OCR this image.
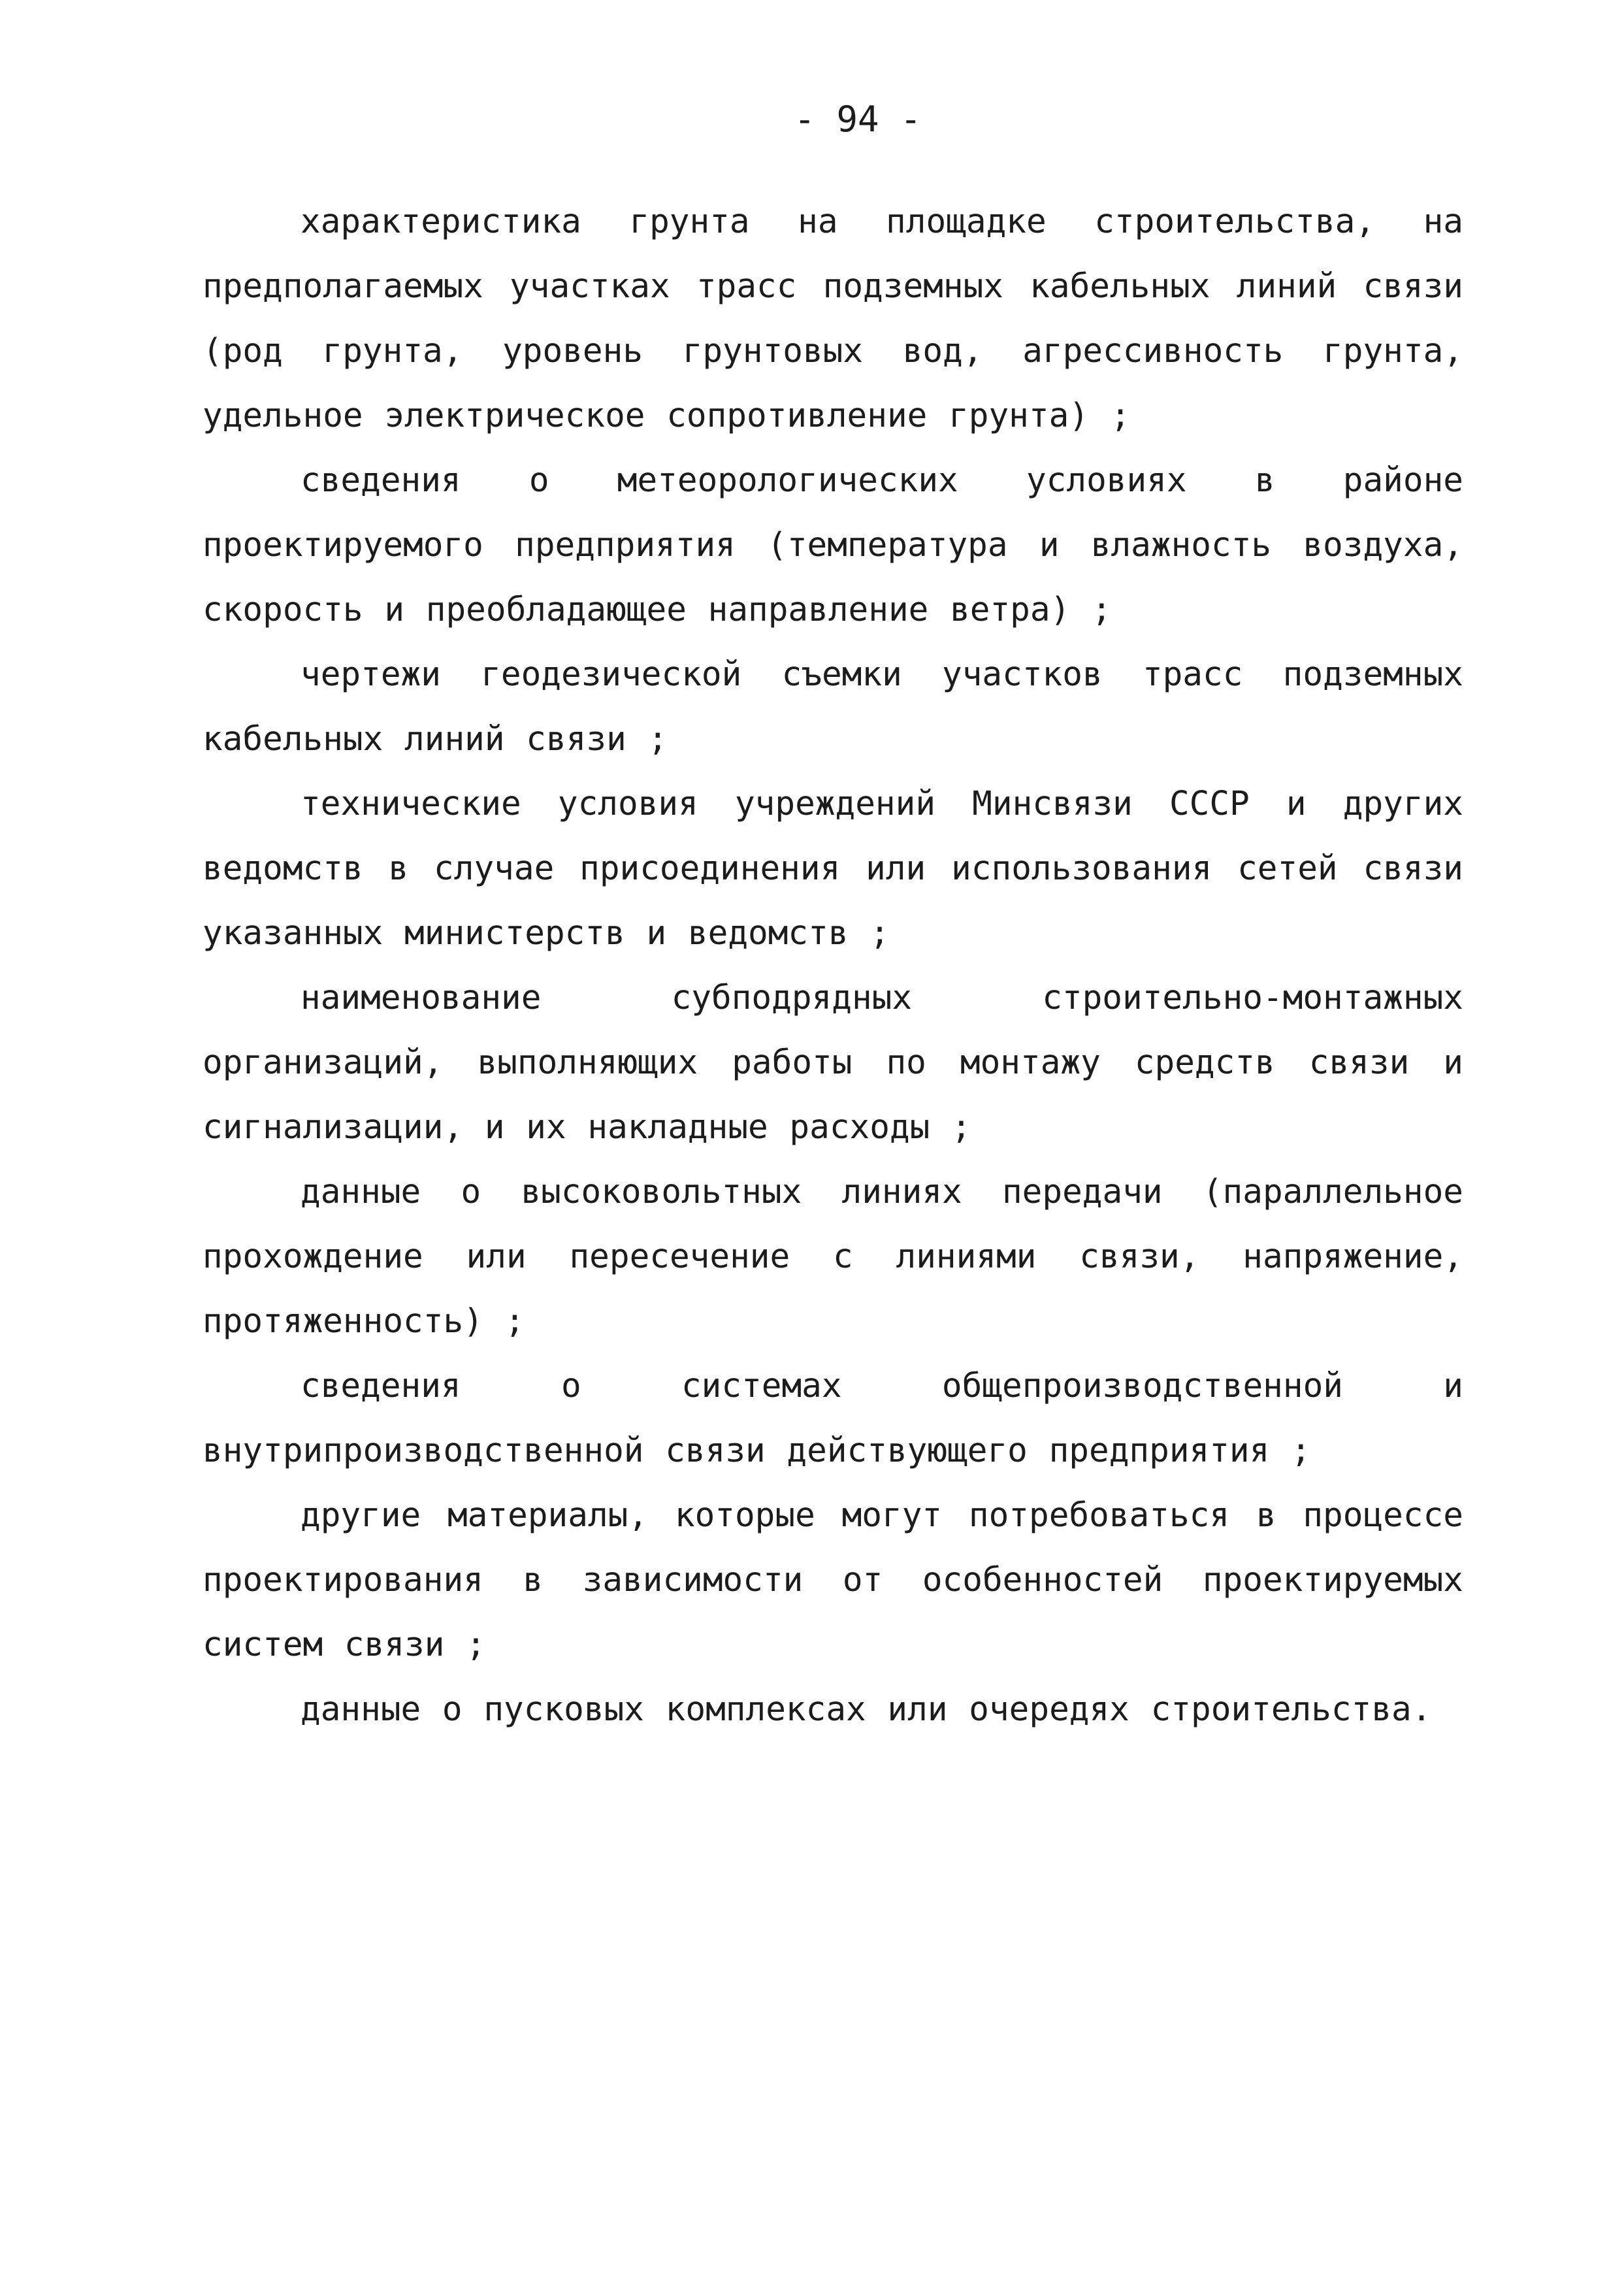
- 94 -

характеристика грунта на площадке строительства, на предполагаемых участках трасс подземных кабельных линий связи (род грунта, уровень грунтовых вод, агрессивность грунта, удельное электрическое сопротивление грунта) ;

сведения о метеорологических условиях в районе проектируемого предприятия (температура и влажность воздуха, скорость и преобладающее направление ветра) ;

чертежи геодезической съемки участков трасс подземных кабельных линий связи ;

технические условия учреждений Минсвязи СССР и других ведомств в случае присоединения или использования сетей связи указанных министерств и ведомств ;

наименование субподрядных строительно-монтажных организаций, выполняющих работы по монтажу средств связи и сигнализации, и их накладные расходы ;

данные о высоковольтных линиях передачи (параллельное прохождение или пересечение с линиями связи, напряжение, протяженность) ;

сведения о системах общепроизводственной и внутрипроизводственной связи действующего предприятия ;

другие материалы, которые могут потребоваться в процессе проектирования в зависимости от особенностей проектируемых систем связи ;

данные о пусковых комплексах или очередях строительства.
